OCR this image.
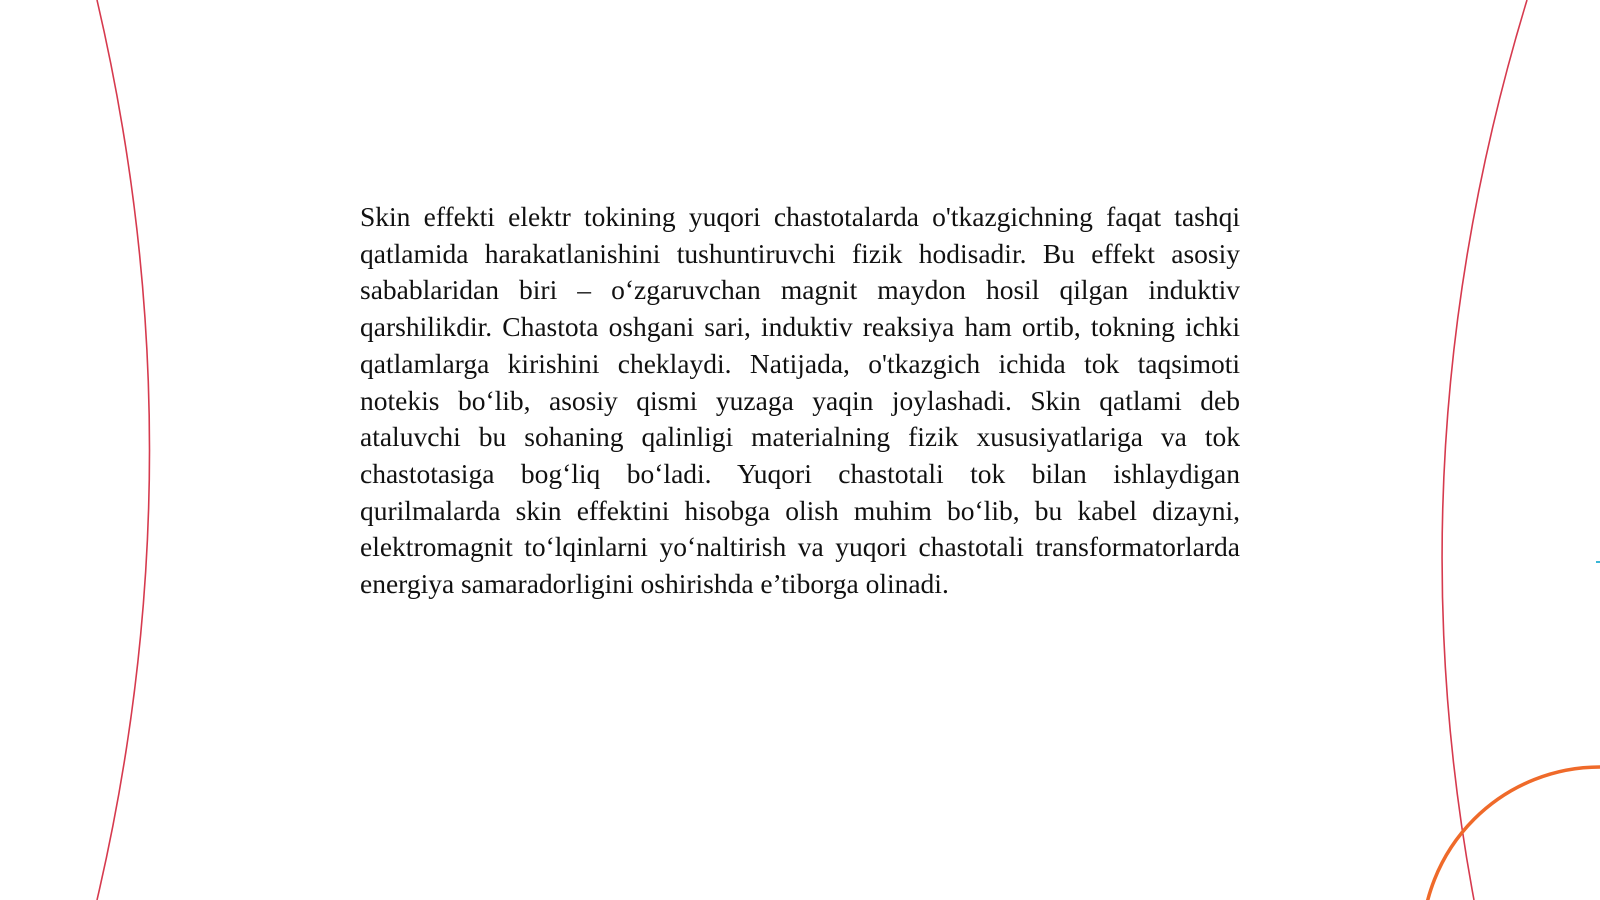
Skin effekti elektr tokining yuqori chastotalarda o'tkazgichning faqat tashqi qatlamida harakatlanishini tushuntiruvchi fizik hodisadir. Bu effekt asosiy sabablaridan biri – o‘zgaruvchan magnit maydon hosil qilgan induktiv qarshilikdir. Chastota oshgani sari, induktiv reaksiya ham ortib, tokning ichki qatlamlarga kirishini cheklaydi. Natijada, o'tkazgich ichida tok taqsimoti notekis bo‘lib, asosiy qismi yuzaga yaqin joylashadi. Skin qatlami deb ataluvchi bu sohaning qalinligi materialning fizik xususiyatlariga va tok chastotasiga bog‘liq bo‘ladi. Yuqori chastotali tok bilan ishlaydigan qurilmalarda skin effektini hisobga olish muhim bo‘lib, bu kabel dizayni, elektromagnit to‘lqinlarni yo‘naltirish va yuqori chastotali transformatorlarda energiya samaradorligini oshirishda e’tiborga olinadi.
